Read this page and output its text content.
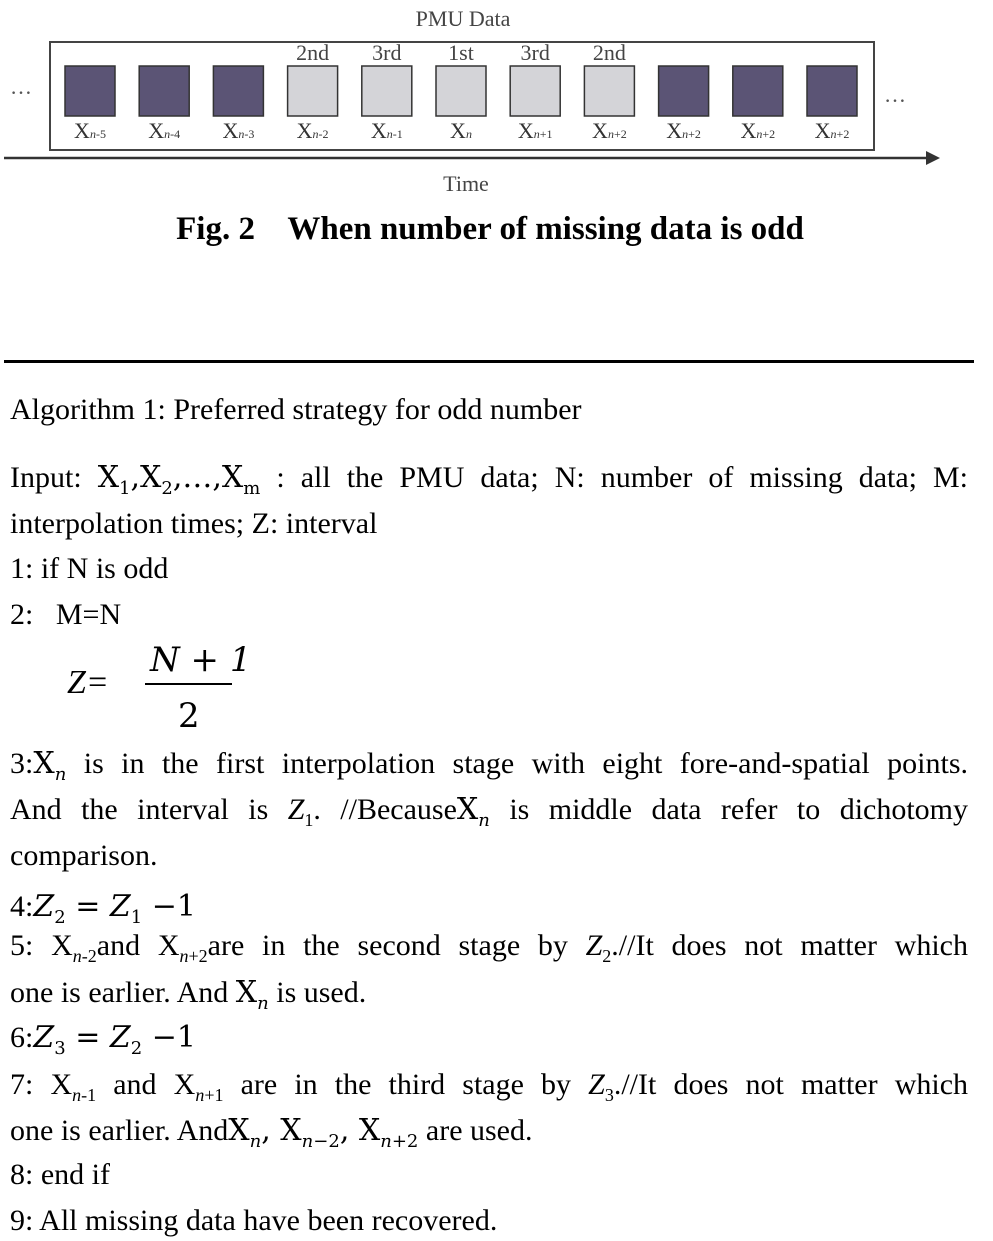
PMU Data
…	…
Xn-5 Xn-4 Xn-3
2nd
Xn-2
3rd
Xn-1
1st
Xn
3rd
Xn+1
2nd
Xn+2 Xn+2 Xn+2 Xn+2
Time
Fig. 2    When number of missing data is odd
Algorithm 1: Preferred strategy for odd number
Input: $X_1,X_2,\dots,X_m$ : all the PMU data; N: number of missing data; M:
interpolation times; Z: interval
1: if N is odd
2: M=N
Z=
N + 1
2
$3:X_n$ is in the first interpolation stage with eight fore-and-spatial points.
And the interval is $Z_1$. //BecauseX$_n$ is middle data refer to dichotomy
comparison.
$4:Z_2 = Z_1 -1$
5: $X_{n-2}and$ $X_{n+2}are$ in the second stage by $Z_2.//It$ does not matter which
one is earlier. And $X_n$ is used.
$6:Z_3 = Z_2 -1$
7: $X_{n-1}$ and $X_{n+1}$ are in the third stage by $Z_3.//It$ does not matter which
one is earlier. AndX$_n$, $X_{n-2}$, $X_{n+2}$ are used.
8: end if
9: All missing data have been recovered.
